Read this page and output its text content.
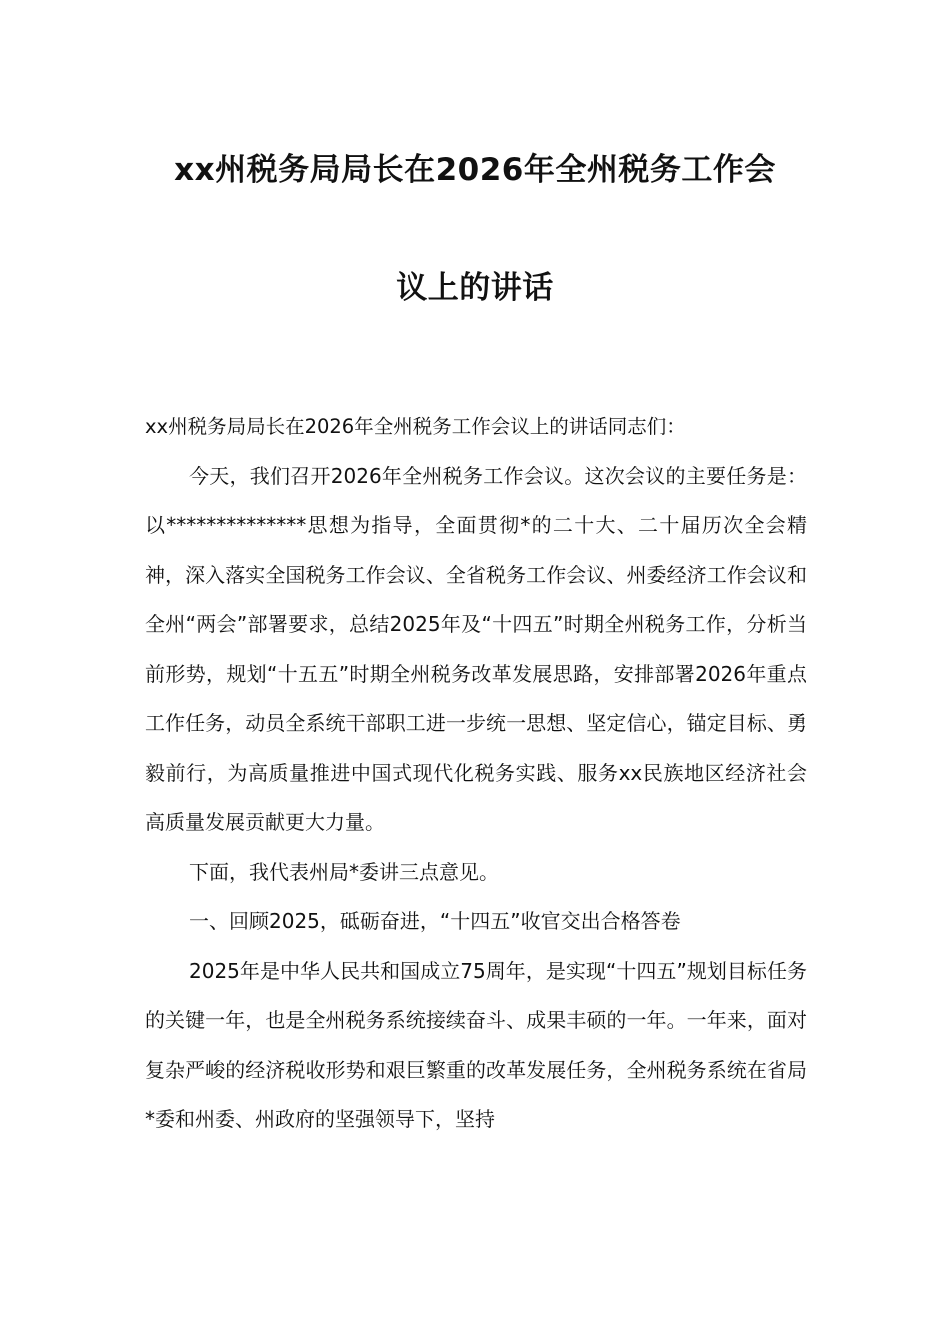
xx州税务局局长在2026年全州税务工作会
议上的讲话

xx州税务局局长在2026年全州税务工作会议上的讲话同志们：

今天，我们召开2026年全州税务工作会议。这次会议的主要任务是：以**************思想为指导，全面贯彻*的二十大、二十届历次全会精神，深入落实全国税务工作会议、全省税务工作会议、州委经济工作会议和全州“两会”部署要求，总结2025年及“十四五”时期全州税务工作，分析当前形势，规划“十五五”时期全州税务改革发展思路，安排部署2026年重点工作任务，动员全系统干部职工进一步统一思想、坚定信心，锚定目标、勇毅前行，为高质量推进中国式现代化税务实践、服务xx民族地区经济社会高质量发展贡献更大力量。

下面，我代表州局*委讲三点意见。

一、回顾2025，砥砺奋进，“十四五”收官交出合格答卷

2025年是中华人民共和国成立75周年，是实现“十四五”规划目标任务的关键一年，也是全州税务系统接续奋斗、成果丰硕的一年。一年来，面对复杂严峻的经济税收形势和艰巨繁重的改革发展任务，全州税务系统在省局*委和州委、州政府的坚强领导下，坚持
